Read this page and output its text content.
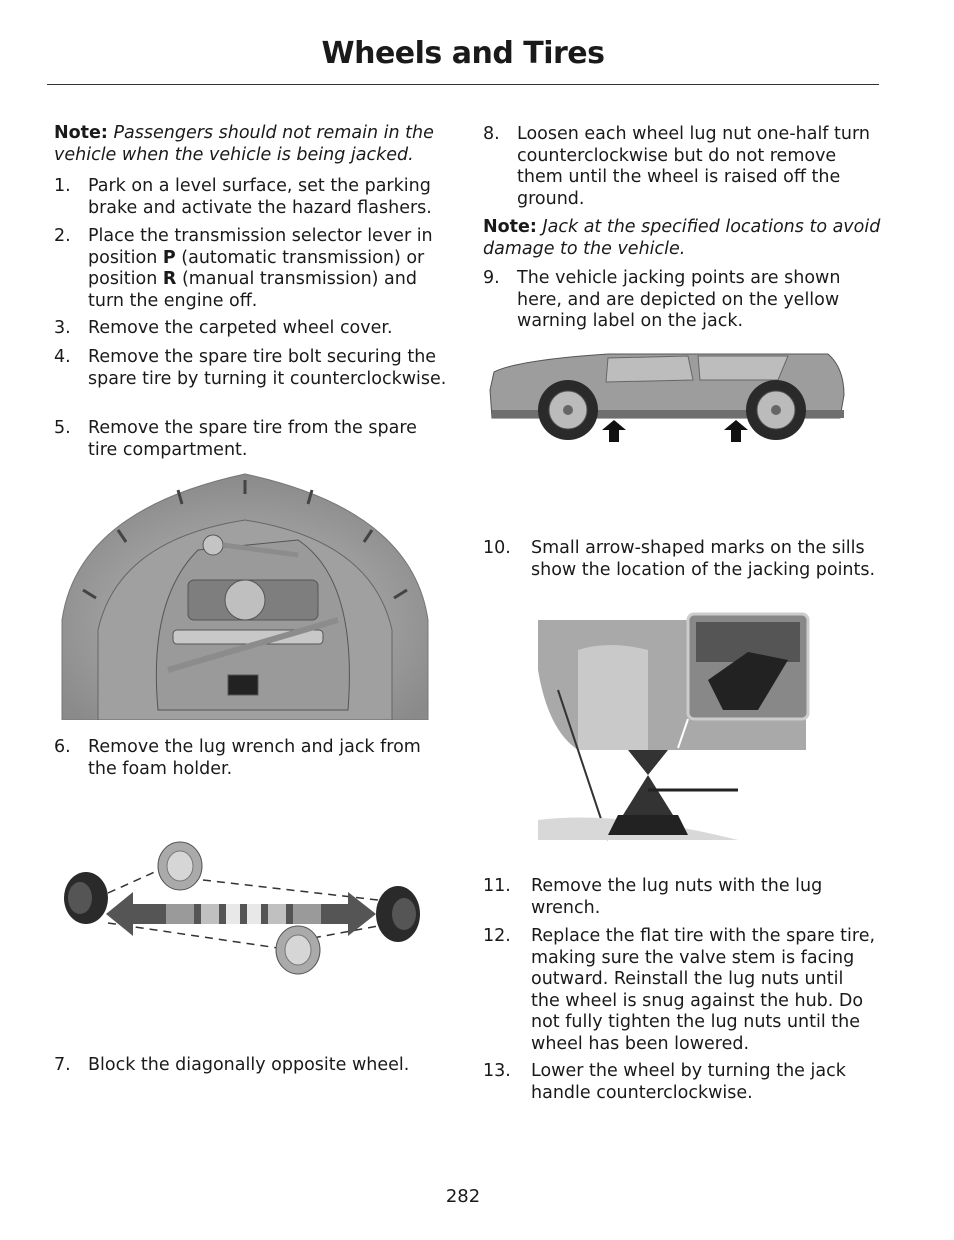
Wheels and Tires
Note: Passengers should not remain in the vehicle when the vehicle is being jacked.
1. Park on a level surface, set the parking brake and activate the hazard flashers.
2. Place the transmission selector lever in position P (automatic transmission) or position R (manual transmission) and turn the engine off.
3. Remove the carpeted wheel cover.
4. Remove the spare tire bolt securing the spare tire by turning it counterclockwise.
5. Remove the spare tire from the spare tire compartment.
6. Remove the lug wrench and jack from the foam holder.
7. Block the diagonally opposite wheel.
8. Loosen each wheel lug nut one-half turn counterclockwise but do not remove them until the wheel is raised off the ground.
Note: Jack at the specified locations to avoid damage to the vehicle.
9. The vehicle jacking points are shown here, and are depicted on the yellow warning label on the jack.
10. Small arrow-shaped marks on the sills show the location of the jacking points.
11. Remove the lug nuts with the lug wrench.
12. Replace the flat tire with the spare tire, making sure the valve stem is facing outward. Reinstall the lug nuts until the wheel is snug against the hub. Do not fully tighten the lug nuts until the wheel has been lowered.
13. Lower the wheel by turning the jack handle counterclockwise.
282
